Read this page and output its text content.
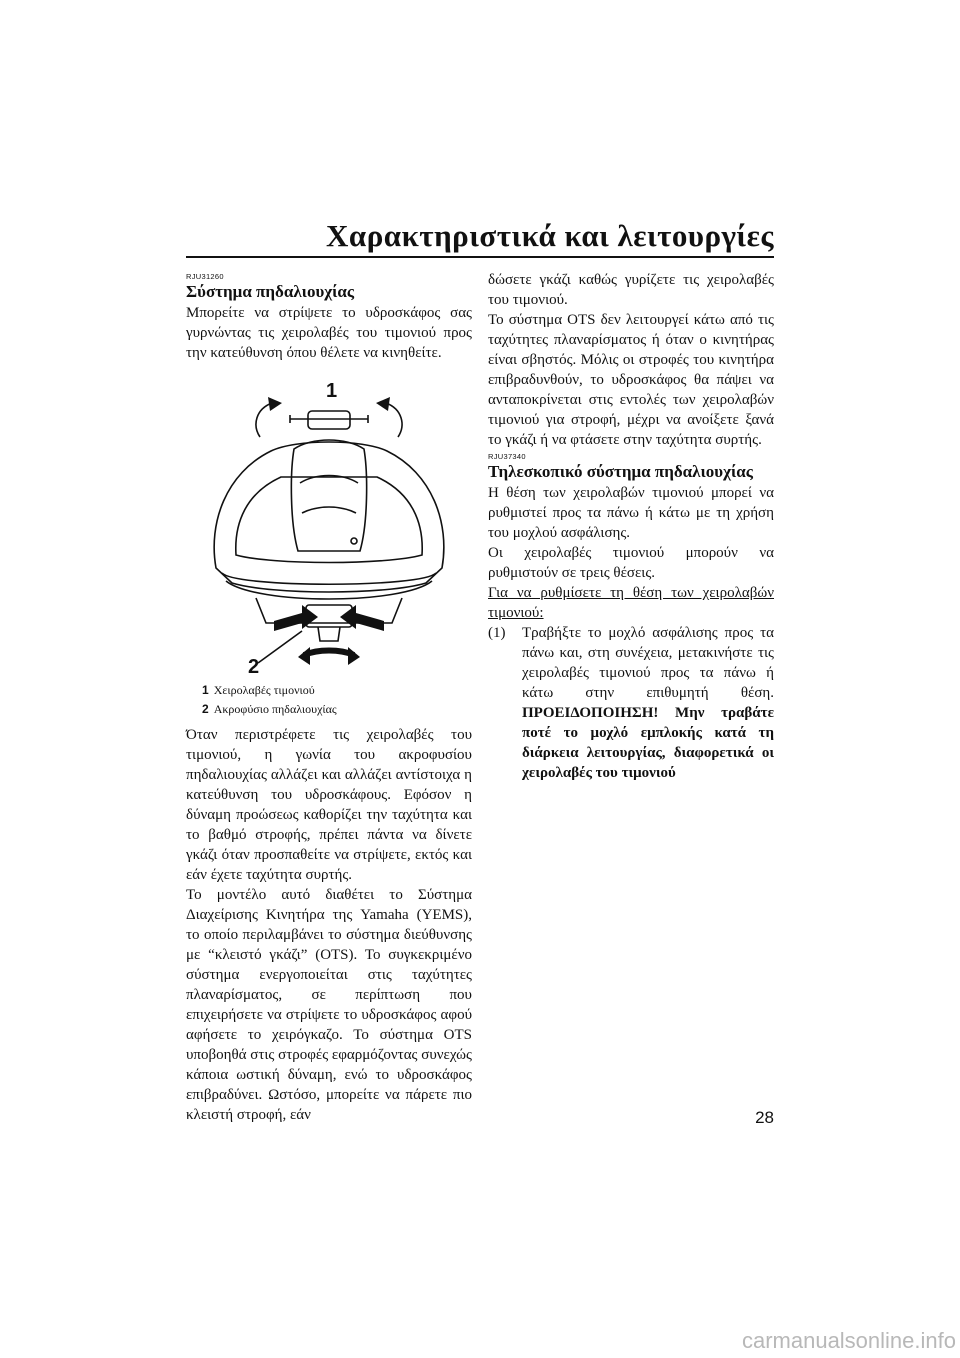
Χαρακτηριστικά και λειτουργίες
RJU31260
Σύστημα πηδαλιουχίας

Μπορείτε να στρίψετε το υδροσκάφος σας γυρνώντας τις χειρολαβές του τιμονιού προς την κατεύθυνση όπου θέλετε να κινηθείτε.

1
2
1 Χειρολαβές τιμονιού
2 Ακροφύσιο πηδαλιουχίας

Όταν περιστρέφετε τις χειρολαβές του τιμονιού, η γωνία του ακροφυσίου πηδαλιουχίας αλλάζει και αλλάζει αντίστοιχα η κατεύθυνση του υδροσκάφους. Εφόσον η δύναμη προώσεως καθορίζει την ταχύτητα και το βαθμό στροφής, πρέπει πάντα να δίνετε γκάζι όταν προσπαθείτε να στρίψετε, εκτός και εάν έχετε ταχύτητα συρτής.

Το μοντέλο αυτό διαθέτει το Σύστημα Διαχείρισης Κινητήρα της Yamaha (YEMS), το οποίο περιλαμβάνει το σύστημα διεύθυνσης με “κλειστό γκάζι” (OTS). Το συγκεκριμένο σύστημα ενεργοποιείται στις ταχύτητες πλαναρίσματος, σε περίπτωση που επιχειρήσετε να στρίψετε το υδροσκάφος αφού αφήσετε το χειρόγκαζο. Το σύστημα OTS υποβοηθά στις στροφές εφαρμόζοντας συνεχώς κάποια ωστική δύναμη, ενώ το υδροσκάφος επιβραδύνει. Ωστόσο, μπορείτε να πάρετε πιο κλειστή στροφή, εάν

δώσετε γκάζι καθώς γυρίζετε τις χειρολαβές του τιμονιού.

Το σύστημα OTS δεν λειτουργεί κάτω από τις ταχύτητες πλαναρίσματος ή όταν ο κινητήρας είναι σβηστός. Μόλις οι στροφές του κινητήρα επιβραδυνθούν, το υδροσκάφος θα πάψει να ανταποκρίνεται στις εντολές των χειρολαβών τιμονιού για στροφή, μέχρι να ανοίξετε ξανά το γκάζι ή να φτάσετε στην ταχύτητα συρτής.

RJU37340
Τηλεσκοπικό σύστημα πηδαλιουχίας

Η θέση των χειρολαβών τιμονιού μπορεί να ρυθμιστεί προς τα πάνω ή κάτω με τη χρήση του μοχλού ασφάλισης.

Οι χειρολαβές τιμονιού μπορούν να ρυθμιστούν σε τρεις θέσεις.

Για να ρυθμίσετε τη θέση των χειρολαβών τιμονιού:

(1)	Τραβήξτε το μοχλό ασφάλισης προς τα πάνω και, στη συνέχεια, μετακινήστε τις χειρολαβές τιμονιού προς τα πάνω ή κάτω στην επιθυμητή θέση. ΠΡΟΕΙΔΟΠΟΙΗΣΗ! Μην τραβάτε ποτέ το μοχλό εμπλοκής κατά τη διάρκεια λειτουργίας, διαφορετικά οι χειρολαβές του τιμονιού
28
carmanualsonline.info
